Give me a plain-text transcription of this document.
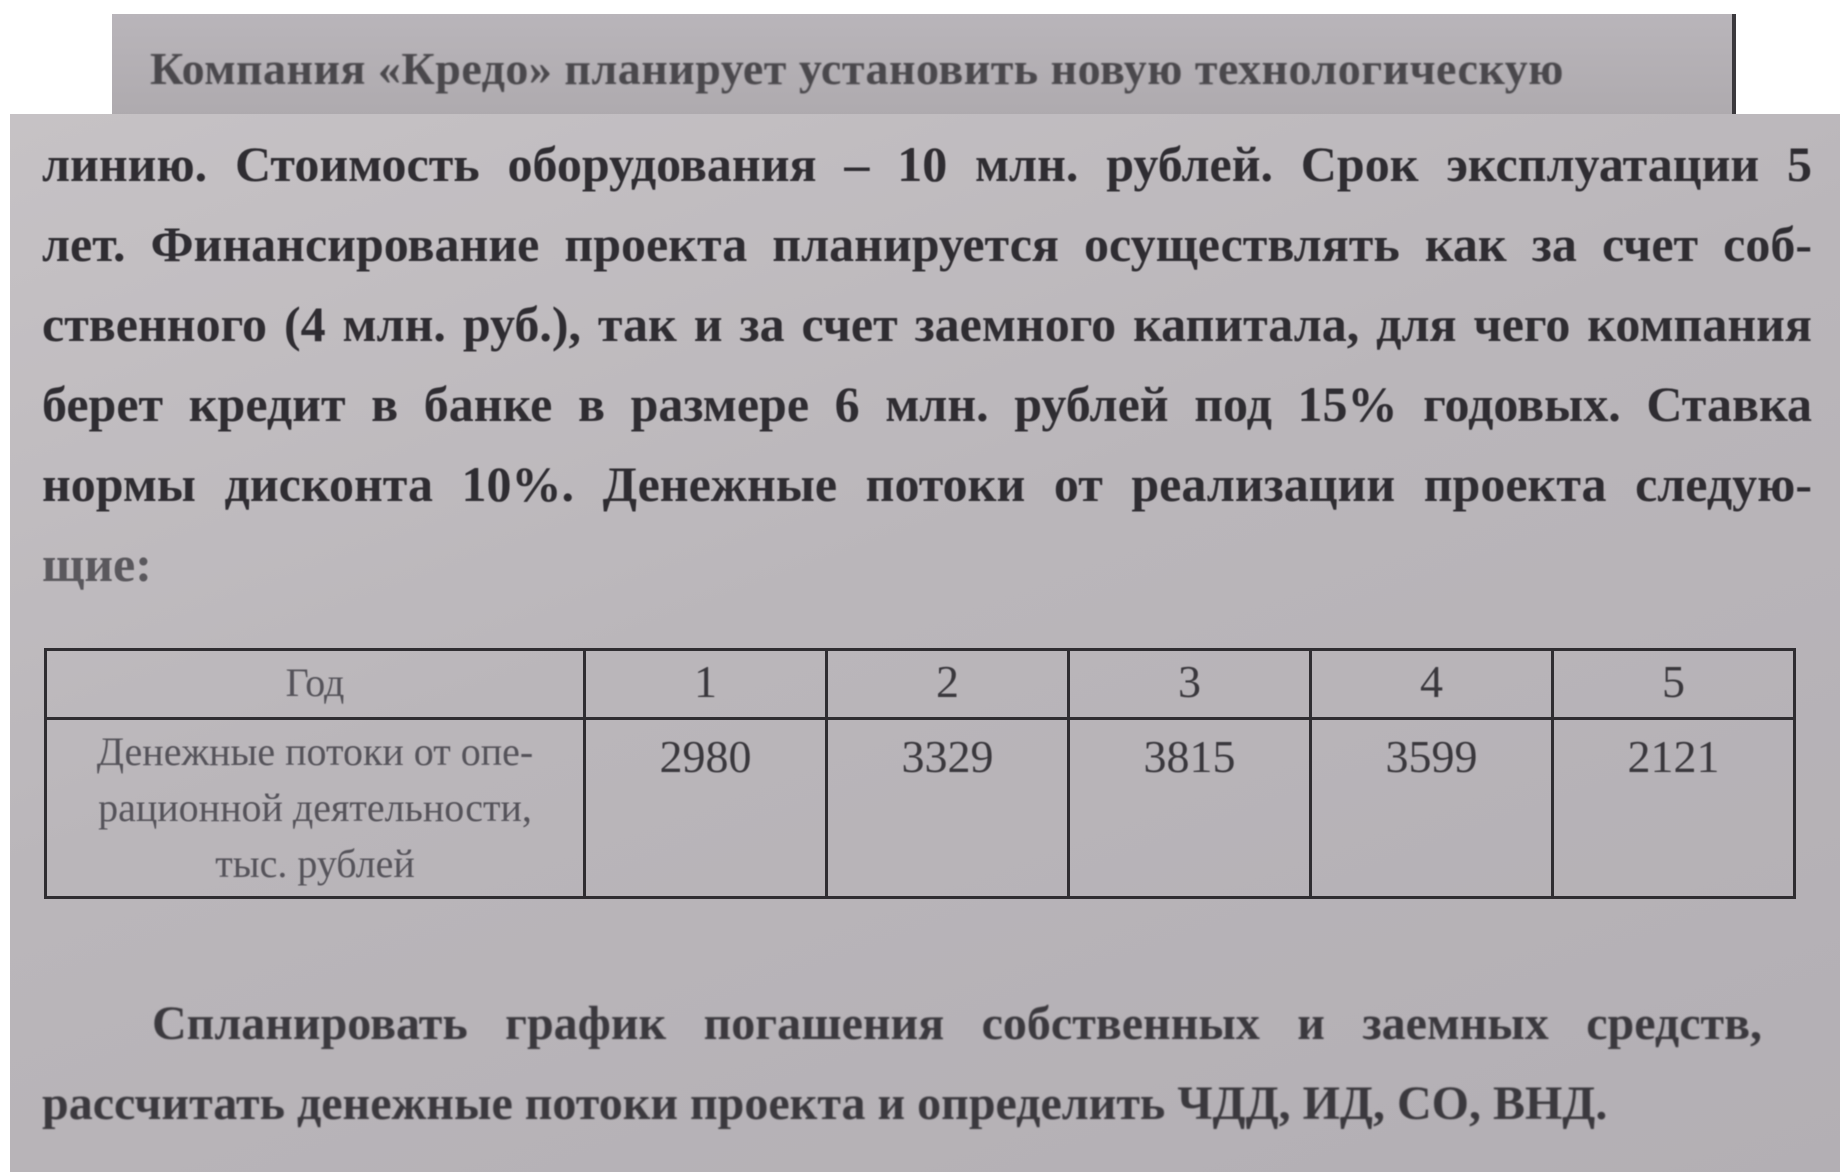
Компания «Кредо» планирует установить новую технологическую
линию. Стоимость оборудования – 10 млн. рублей. Срок эксплуатации 5
лет. Финансирование проекта планируется осуществлять как за счет соб-
ственного (4 млн. руб.), так и за счет заемного капитала, для чего компания
берет кредит в банке в размере 6 млн. рублей под 15% годовых. Ставка
нормы дисконта 10%. Денежные потоки от реализации проекта следую-
щие:
Год	1	2	3	4	5

Денежные потоки от опе-
рационной деятельности,
тыс. рублей	2980	3329	3815	3599	2121
Спланировать график погашения собственных и заемных средств,
рассчитать денежные потоки проекта и определить ЧДД, ИД, СО, ВНД.
